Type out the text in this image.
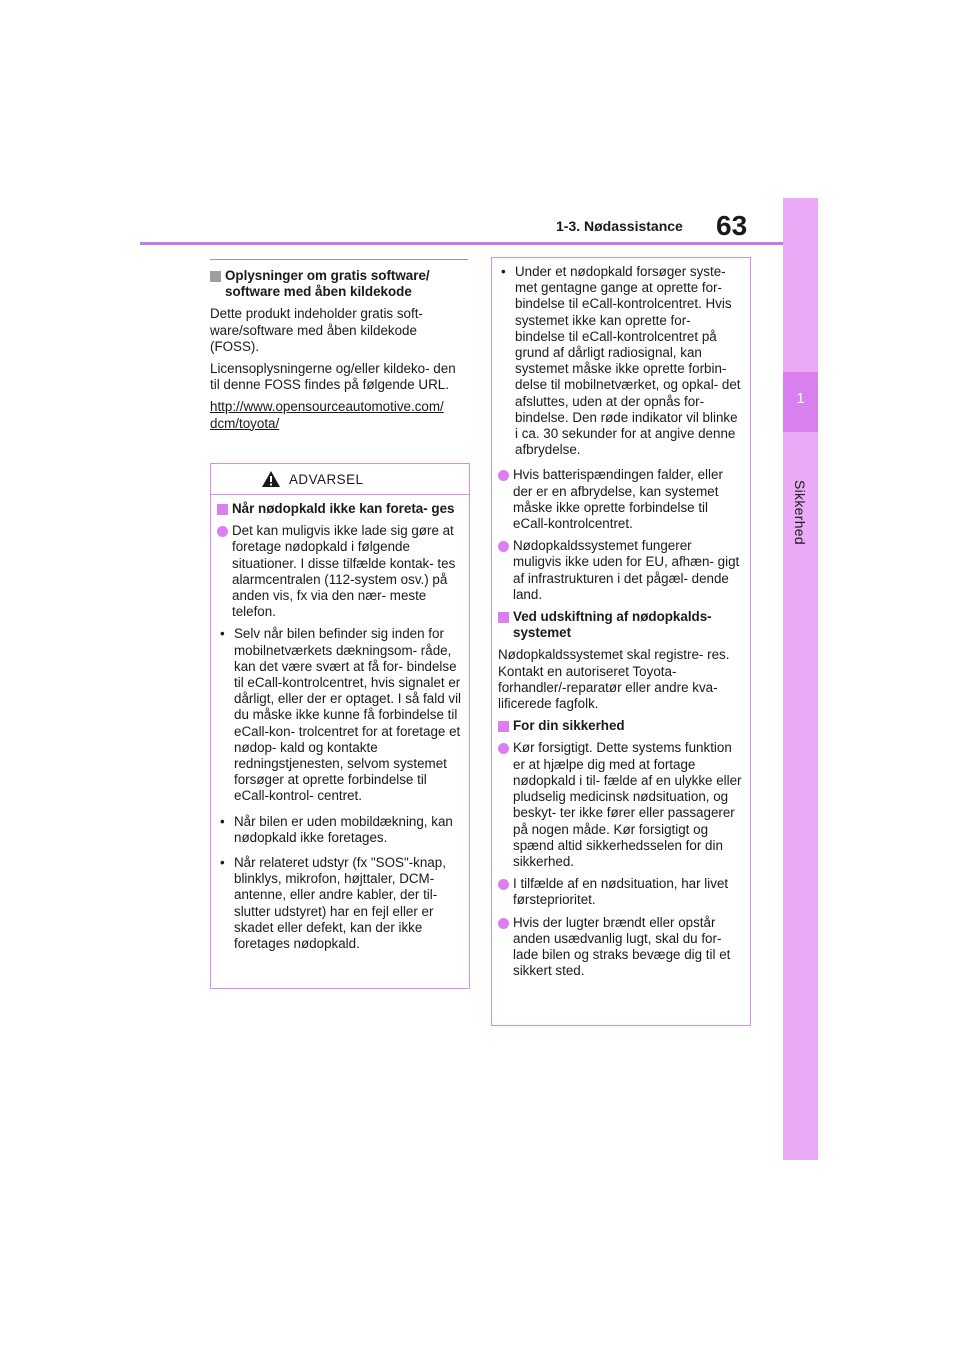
1-3. Nødassistance 63
1
Sikkerhed
Oplysninger om gratis software/ software med åben kildekode

Dette produkt indeholder gratis soft- ware/software med åben kildekode (FOSS).

Licensoplysningerne og/eller kildeko- den til denne FOSS findes på følgende URL.

http://www.opensourceautomotive.com/ dcm/toyota/

ADVARSEL
Når nødopkald ikke kan foreta- ges
Det kan muligvis ikke lade sig gøre at foretage nødopkald i følgende situationer. I disse tilfælde kontak- tes alarmcentralen (112-system osv.) på anden vis, fx via den nær- meste telefon.
• Selv når bilen befinder sig inden for mobilnetværkets dækningsom- råde, kan det være svært at få for- bindelse til eCall-kontrolcentret, hvis signalet er dårligt, eller der er optaget. I så fald vil du måske ikke kunne få forbindelse til eCall-kon- trolcentret for at foretage et nødop- kald og kontakte redningstjenesten, selvom systemet forsøger at oprette forbindelse til eCall-kontrol- centret.
• Når bilen er uden mobildækning, kan nødopkald ikke foretages.
• Når relateret udstyr (fx "SOS"-knap, blinklys, mikrofon, højttaler, DCM- antenne, eller andre kabler, der til- slutter udstyret) har en fejl eller er skadet eller defekt, kan der ikke foretages nødopkald.
• Under et nødopkald forsøger syste- met gentagne gange at oprette for- bindelse til eCall-kontrolcentret. Hvis systemet ikke kan oprette for- bindelse til eCall-kontrolcentret på grund af dårligt radiosignal, kan systemet måske ikke oprette forbin- delse til mobilnetværket, og opkal- det afsluttes, uden at der opnås for- bindelse. Den røde indikator vil blinke i ca. 30 sekunder for at angive denne afbrydelse.
Hvis batterispændingen falder, eller der er en afbrydelse, kan systemet måske ikke oprette forbindelse til eCall-kontrolcentret.
Nødopkaldssystemet fungerer muligvis ikke uden for EU, afhæn- gigt af infrastrukturen i det pågæl- dende land.
Ved udskiftning af nødopkalds- systemet

Nødopkaldssystemet skal registre- res. Kontakt en autoriseret Toyota- forhandler/-reparatør eller andre kva- lificerede fagfolk.

For din sikkerhed
Kør forsigtigt. Dette systems funktion er at hjælpe dig med at fortage nødopkald i til- fælde af en ulykke eller pludselig medicinsk nødsituation, og beskyt- ter ikke fører eller passagerer på nogen måde. Kør forsigtigt og spænd altid sikkerhedsselen for din sikkerhed.
I tilfælde af en nødsituation, har livet førsteprioritet.
Hvis der lugter brændt eller opstår anden usædvanlig lugt, skal du for- lade bilen og straks bevæge dig til et sikkert sted.
